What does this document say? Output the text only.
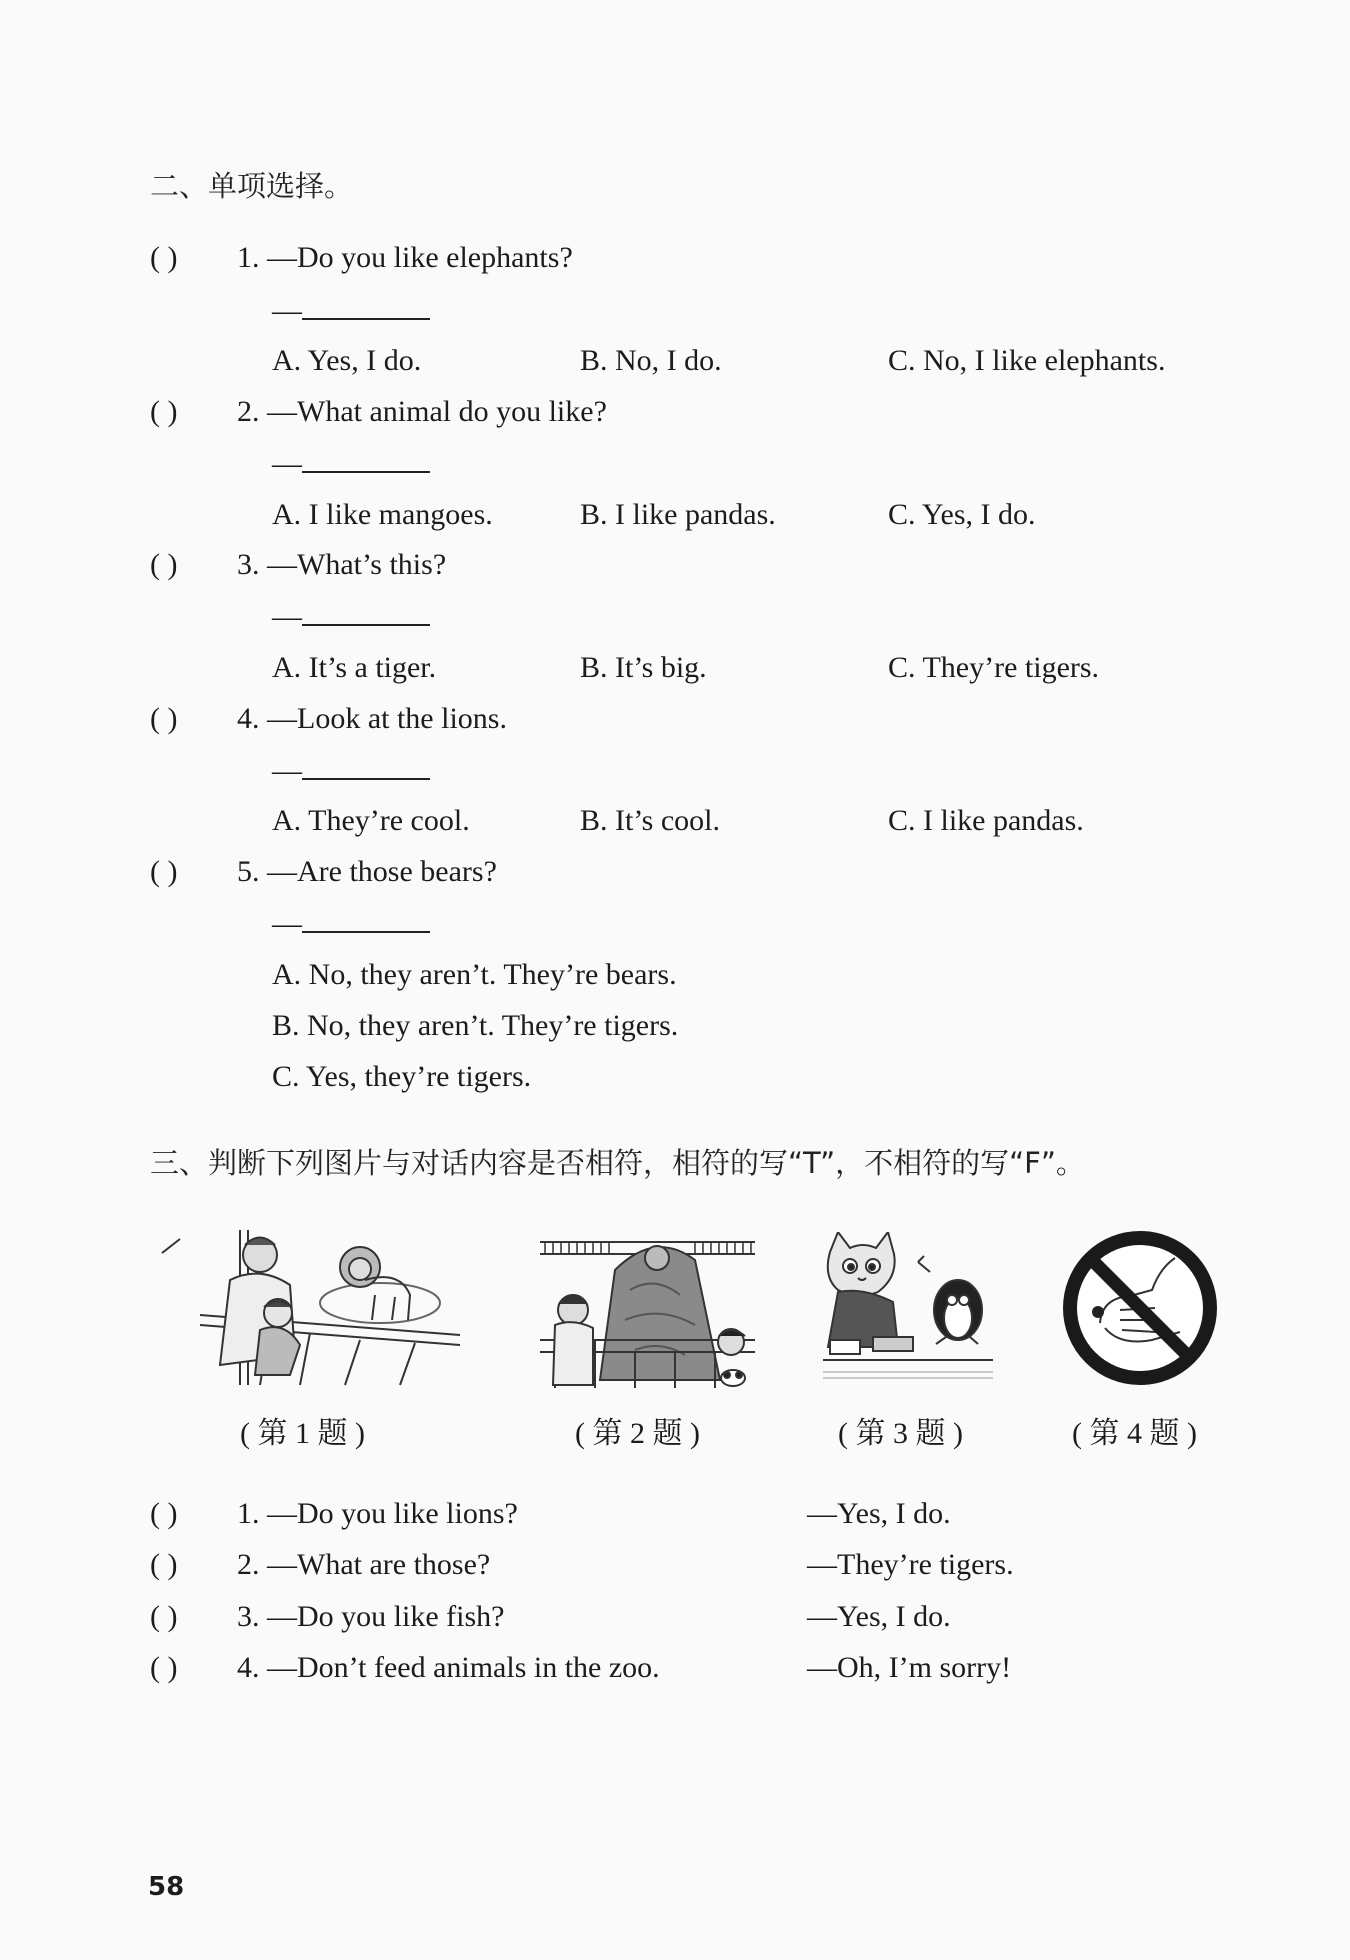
二、单项选择。
( ) 1. —Do you like elephants?
—
A. Yes, I do.	B. No, I do.	C. No, I like elephants.
( ) 2. —What animal do you like?
—
A. I like mangoes.	B. I like pandas.	C. Yes, I do.
( ) 3. —What’s this?
—
A. It’s a tiger.	B. It’s big.	C. They’re tigers.
( ) 4. —Look at the lions.
—
A. They’re cool.	B. It’s cool.	C. I like pandas.
( ) 5. —Are those bears?
—
A. No, they aren’t. They’re bears.
B. No, they aren’t. They’re tigers.
C. Yes, they’re tigers.
三、判断下列图片与对话内容是否相符，相符的写“T”，不相符的写“F”。
( 第 1 题 )	( 第 2 题 )	( 第 3 题 )	( 第 4 题 )
( ) 1. —Do you like lions?	—Yes, I do.
( ) 2. —What are those?	—They’re tigers.
( ) 3. —Do you like fish?	—Yes, I do.
( ) 4. —Don’t feed animals in the zoo.	—Oh, I’m sorry!
58
